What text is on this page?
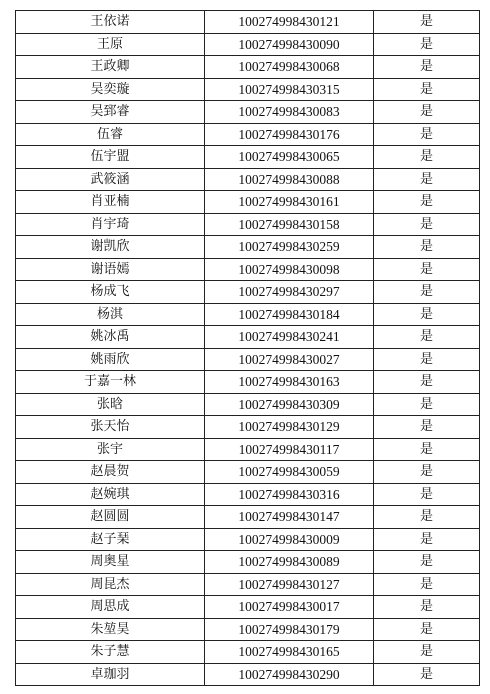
王依诺	100274998430121	是
王原	100274998430090	是
王政卿	100274998430068	是
吴奕璇	100274998430315	是
吴郅睿	100274998430083	是
伍睿	100274998430176	是
伍宇盟	100274998430065	是
武筱涵	100274998430088	是
肖亚楠	100274998430161	是
肖宇琦	100274998430158	是
谢凯欣	100274998430259	是
谢语嫣	100274998430098	是
杨成飞	100274998430297	是
杨淇	100274998430184	是
姚冰禹	100274998430241	是
姚雨欣	100274998430027	是
于嘉一林	100274998430163	是
张晗	100274998430309	是
张天怡	100274998430129	是
张宇	100274998430117	是
赵晨贺	100274998430059	是
赵婉琪	100274998430316	是
赵圆圆	100274998430147	是
赵子琹	100274998430009	是
周奥星	100274998430089	是
周昆杰	100274998430127	是
周思成	100274998430017	是
朱堃昊	100274998430179	是
朱子慧	100274998430165	是
卓珈羽	100274998430290	是
